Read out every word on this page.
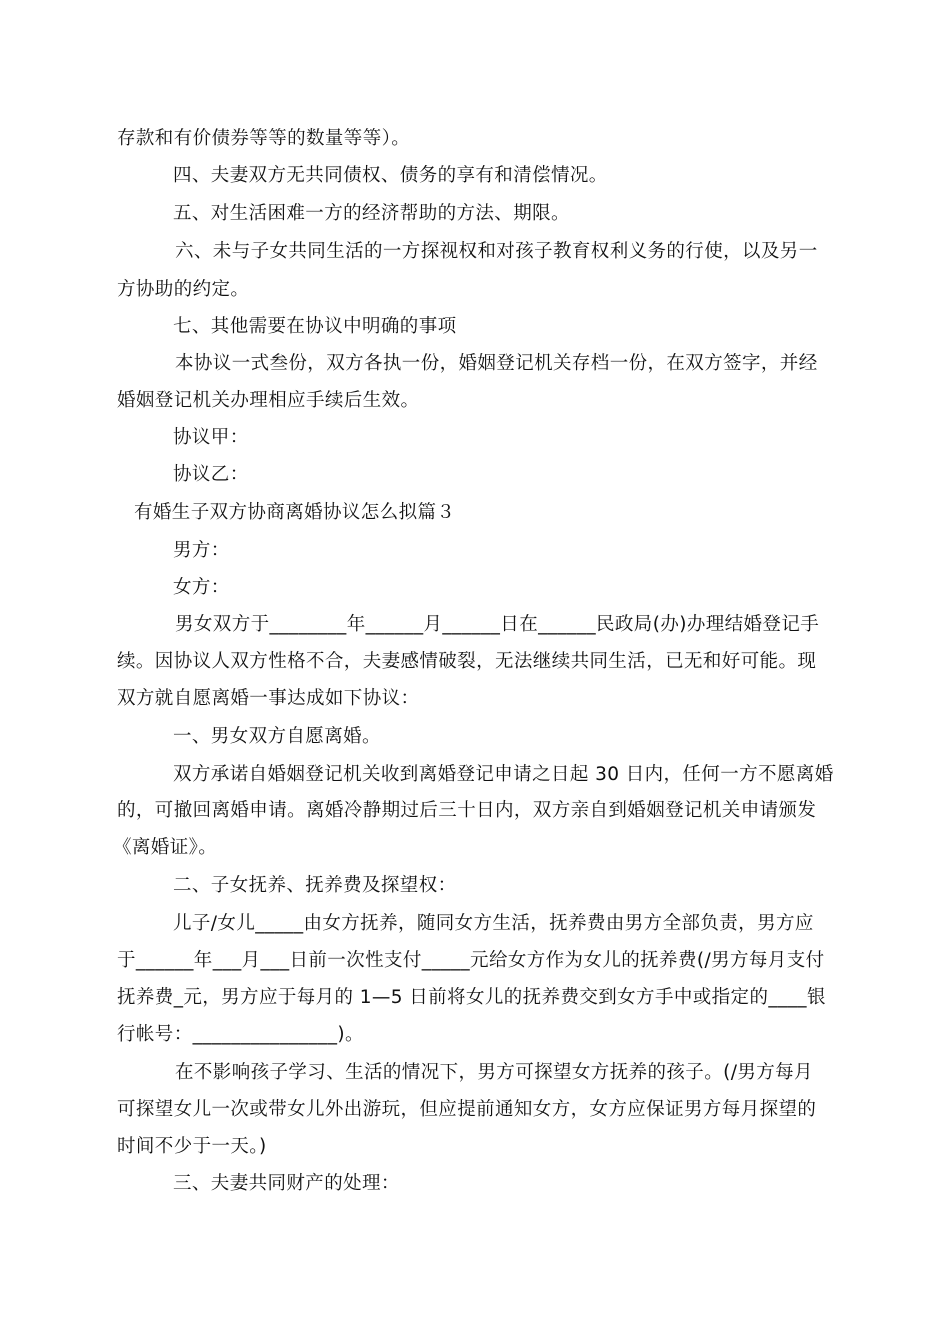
存款和有价债券等等的数量等等）。
四、夫妻双方无共同债权、债务的享有和清偿情况。
五、对生活困难一方的经济帮助的方法、期限。
六、未与子女共同生活的一方探视权和对孩子教育权利义务的行使，以及另一
方协助的约定。
七、其他需要在协议中明确的事项
本协议一式叁份，双方各执一份，婚姻登记机关存档一份，在双方签字，并经
婚姻登记机关办理相应手续后生效。
协议甲：
协议乙：
有婚生子双方协商离婚协议怎么拟篇３
男方：
女方：
男女双方于________年______月______日在______民政局(办)办理结婚登记手
续。因协议人双方性格不合，夫妻感情破裂，无法继续共同生活，已无和好可能。现
双方就自愿离婚一事达成如下协议：
一、男女双方自愿离婚。
双方承诺自婚姻登记机关收到离婚登记申请之日起 30 日内，任何一方不愿离婚
的，可撤回离婚申请。离婚冷静期过后三十日内，双方亲自到婚姻登记机关申请颁发
《离婚证》。
二、子女抚养、抚养费及探望权：
儿子/女儿_____由女方抚养，随同女方生活，抚养费由男方全部负责，男方应
于______年___月___日前一次性支付_____元给女方作为女儿的抚养费(/男方每月支付
抚养费_元，男方应于每月的 1—5 日前将女儿的抚养费交到女方手中或指定的____银
行帐号：_______________)。
在不影响孩子学习、生活的情况下，男方可探望女方抚养的孩子。(/男方每月
可探望女儿一次或带女儿外出游玩，但应提前通知女方，女方应保证男方每月探望的
时间不少于一天。)
三、夫妻共同财产的处理：
